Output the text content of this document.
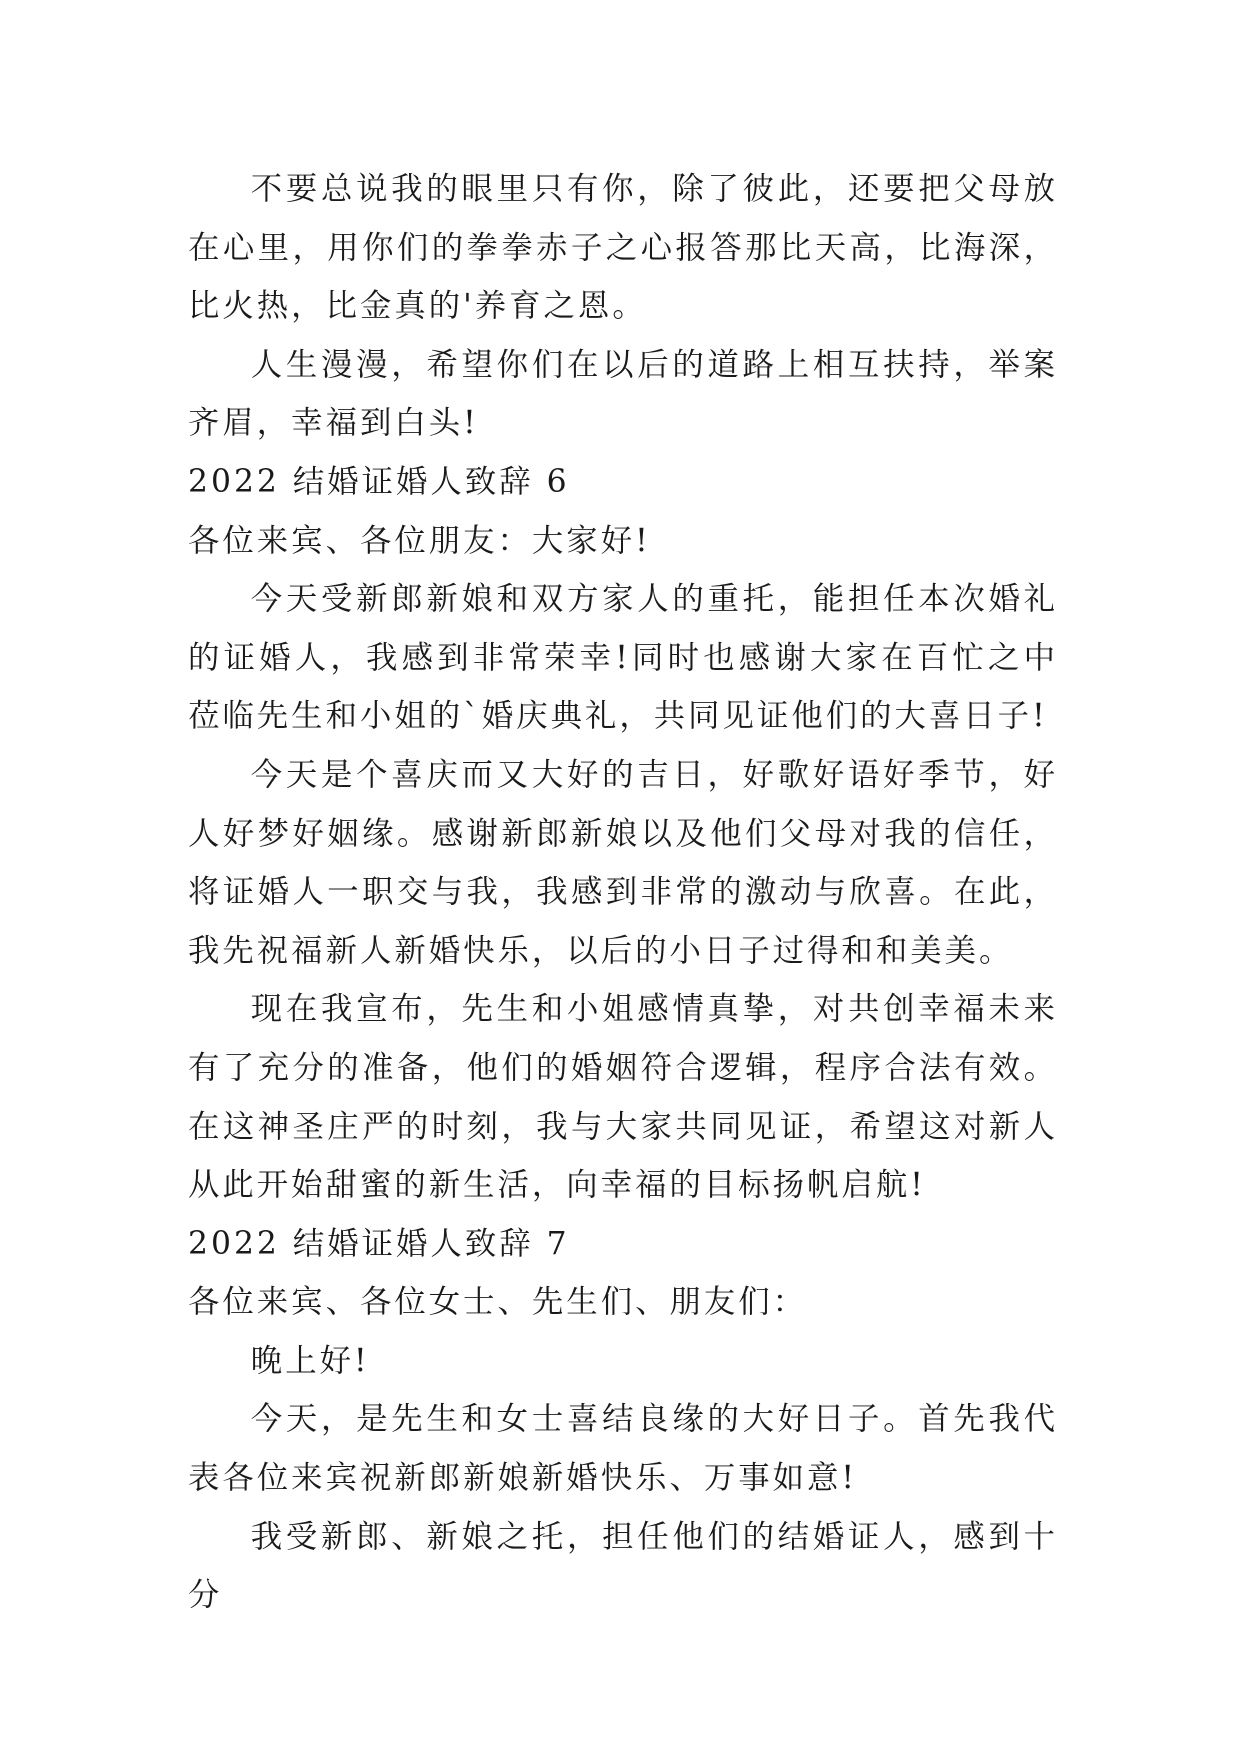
不要总说我的眼里只有你，除了彼此，还要把父母放在心里，用你们的拳拳赤子之心报答那比天高，比海深，比火热，比金真的'养育之恩。

人生漫漫，希望你们在以后的道路上相互扶持，举案齐眉，幸福到白头!

2022 结婚证婚人致辞 6

各位来宾、各位朋友：大家好!

今天受新郎新娘和双方家人的重托，能担任本次婚礼的证婚人，我感到非常荣幸!同时也感谢大家在百忙之中莅临先生和小姐的`婚庆典礼，共同见证他们的大喜日子!

今天是个喜庆而又大好的吉日，好歌好语好季节，好人好梦好姻缘。感谢新郎新娘以及他们父母对我的信任，将证婚人一职交与我，我感到非常的激动与欣喜。在此，我先祝福新人新婚快乐，以后的小日子过得和和美美。

现在我宣布，先生和小姐感情真挚，对共创幸福未来有了充分的准备，他们的婚姻符合逻辑，程序合法有效。在这神圣庄严的时刻，我与大家共同见证，希望这对新人从此开始甜蜜的新生活，向幸福的目标扬帆启航!

2022 结婚证婚人致辞 7

各位来宾、各位女士、先生们、朋友们：

晚上好!

今天，是先生和女士喜结良缘的大好日子。首先我代表各位来宾祝新郎新娘新婚快乐、万事如意!

我受新郎、新娘之托，担任他们的结婚证人，感到十分
